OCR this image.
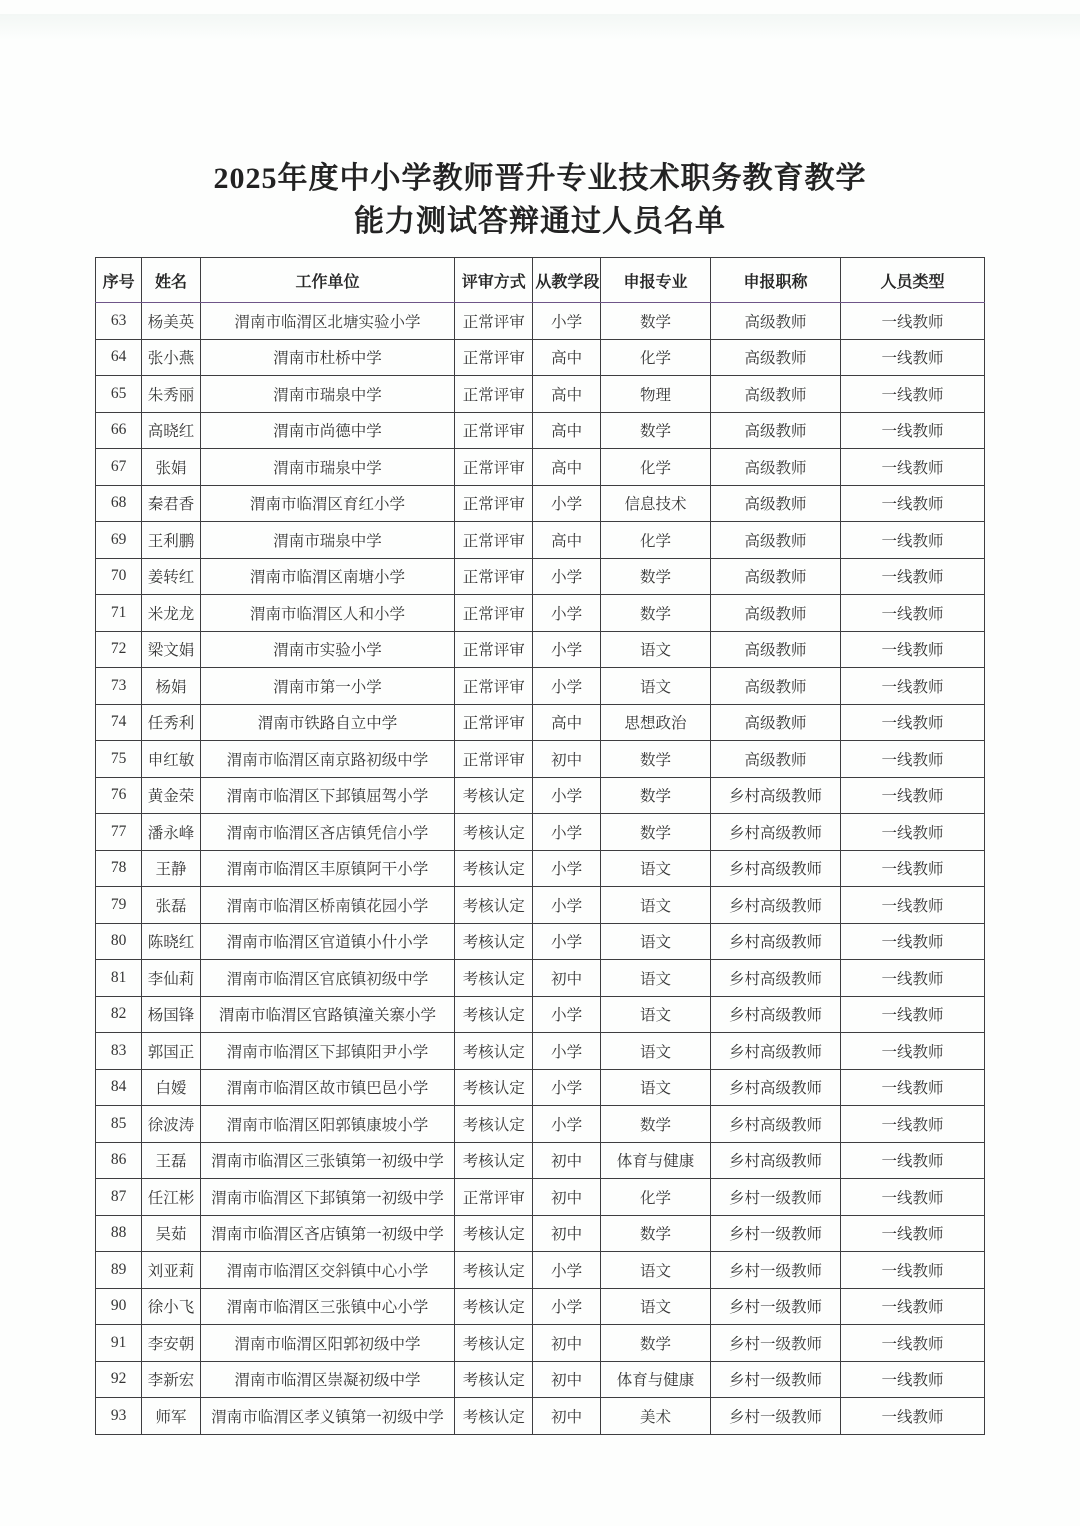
2025年度中小学教师晋升专业技术职务教育教学
能力测试答辩通过人员名单
序号	姓名	工作单位	评审方式	从教学段	申报专业	申报职称	人员类型
63	杨美英	渭南市临渭区北塘实验小学	正常评审	小学	数学	高级教师	一线教师
64	张小燕	渭南市杜桥中学	正常评审	高中	化学	高级教师	一线教师
65	朱秀丽	渭南市瑞泉中学	正常评审	高中	物理	高级教师	一线教师
66	高晓红	渭南市尚德中学	正常评审	高中	数学	高级教师	一线教师
67	张娟	渭南市瑞泉中学	正常评审	高中	化学	高级教师	一线教师
68	秦君香	渭南市临渭区育红小学	正常评审	小学	信息技术	高级教师	一线教师
69	王利鹏	渭南市瑞泉中学	正常评审	高中	化学	高级教师	一线教师
70	姜转红	渭南市临渭区南塘小学	正常评审	小学	数学	高级教师	一线教师
71	米龙龙	渭南市临渭区人和小学	正常评审	小学	数学	高级教师	一线教师
72	梁文娟	渭南市实验小学	正常评审	小学	语文	高级教师	一线教师
73	杨娟	渭南市第一小学	正常评审	小学	语文	高级教师	一线教师
74	任秀利	渭南市铁路自立中学	正常评审	高中	思想政治	高级教师	一线教师
75	申红敏	渭南市临渭区南京路初级中学	正常评审	初中	数学	高级教师	一线教师
76	黄金荣	渭南市临渭区下邽镇屈驾小学	考核认定	小学	数学	乡村高级教师	一线教师
77	潘永峰	渭南市临渭区吝店镇凭信小学	考核认定	小学	数学	乡村高级教师	一线教师
78	王静	渭南市临渭区丰原镇阿干小学	考核认定	小学	语文	乡村高级教师	一线教师
79	张磊	渭南市临渭区桥南镇花园小学	考核认定	小学	语文	乡村高级教师	一线教师
80	陈晓红	渭南市临渭区官道镇小什小学	考核认定	小学	语文	乡村高级教师	一线教师
81	李仙莉	渭南市临渭区官底镇初级中学	考核认定	初中	语文	乡村高级教师	一线教师
82	杨国锋	渭南市临渭区官路镇潼关寨小学	考核认定	小学	语文	乡村高级教师	一线教师
83	郭国正	渭南市临渭区下邽镇阳尹小学	考核认定	小学	语文	乡村高级教师	一线教师
84	白嫒	渭南市临渭区故市镇巴邑小学	考核认定	小学	语文	乡村高级教师	一线教师
85	徐波涛	渭南市临渭区阳郭镇康坡小学	考核认定	小学	数学	乡村高级教师	一线教师
86	王磊	渭南市临渭区三张镇第一初级中学	考核认定	初中	体育与健康	乡村高级教师	一线教师
87	任江彬	渭南市临渭区下邽镇第一初级中学	正常评审	初中	化学	乡村一级教师	一线教师
88	吴茹	渭南市临渭区吝店镇第一初级中学	考核认定	初中	数学	乡村一级教师	一线教师
89	刘亚莉	渭南市临渭区交斜镇中心小学	考核认定	小学	语文	乡村一级教师	一线教师
90	徐小飞	渭南市临渭区三张镇中心小学	考核认定	小学	语文	乡村一级教师	一线教师
91	李安朝	渭南市临渭区阳郭初级中学	考核认定	初中	数学	乡村一级教师	一线教师
92	李新宏	渭南市临渭区崇凝初级中学	考核认定	初中	体育与健康	乡村一级教师	一线教师
93	师军	渭南市临渭区孝义镇第一初级中学	考核认定	初中	美术	乡村一级教师	一线教师
